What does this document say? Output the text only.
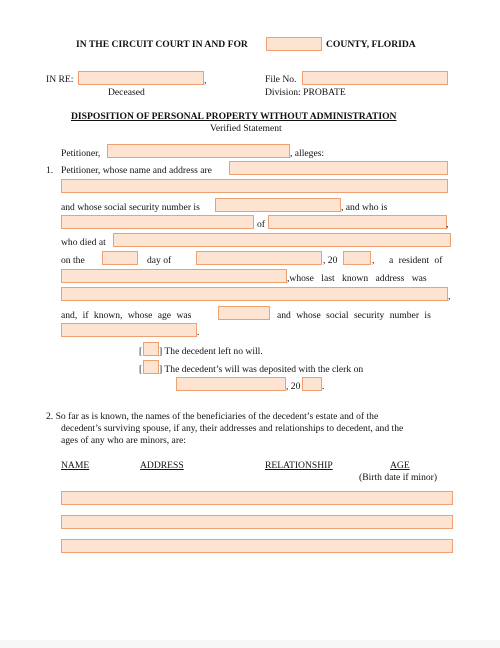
IN THE CIRCUIT COURT IN AND FOR	COUNTY, FLORIDA
IN RE:	,
Deceased
File No.
Division: PROBATE
DISPOSITION OF PERSONAL PROPERTY WITHOUT ADMINISTRATION
Verified Statement
Petitioner,	, alleges:
1. Petitioner, whose name and address are
and whose social security number is	, and who is
of	,
who died at
on the	day of	, 20	, a resident of
,whose last known address was
,
and, if known, whose age was	and whose social security number is
.
[ ] The decedent left no will.
[ ] The decedent’s will was deposited with the clerk on
, 20 .
2. So far as is known, the names of the beneficiaries of the decedent’s estate and of the
decedent’s surviving spouse, if any, their addresses and relationships to decedent, and the
ages of any who are minors, are:
NAME	ADDRESS	RELATIONSHIP	AGE
(Birth date if minor)
